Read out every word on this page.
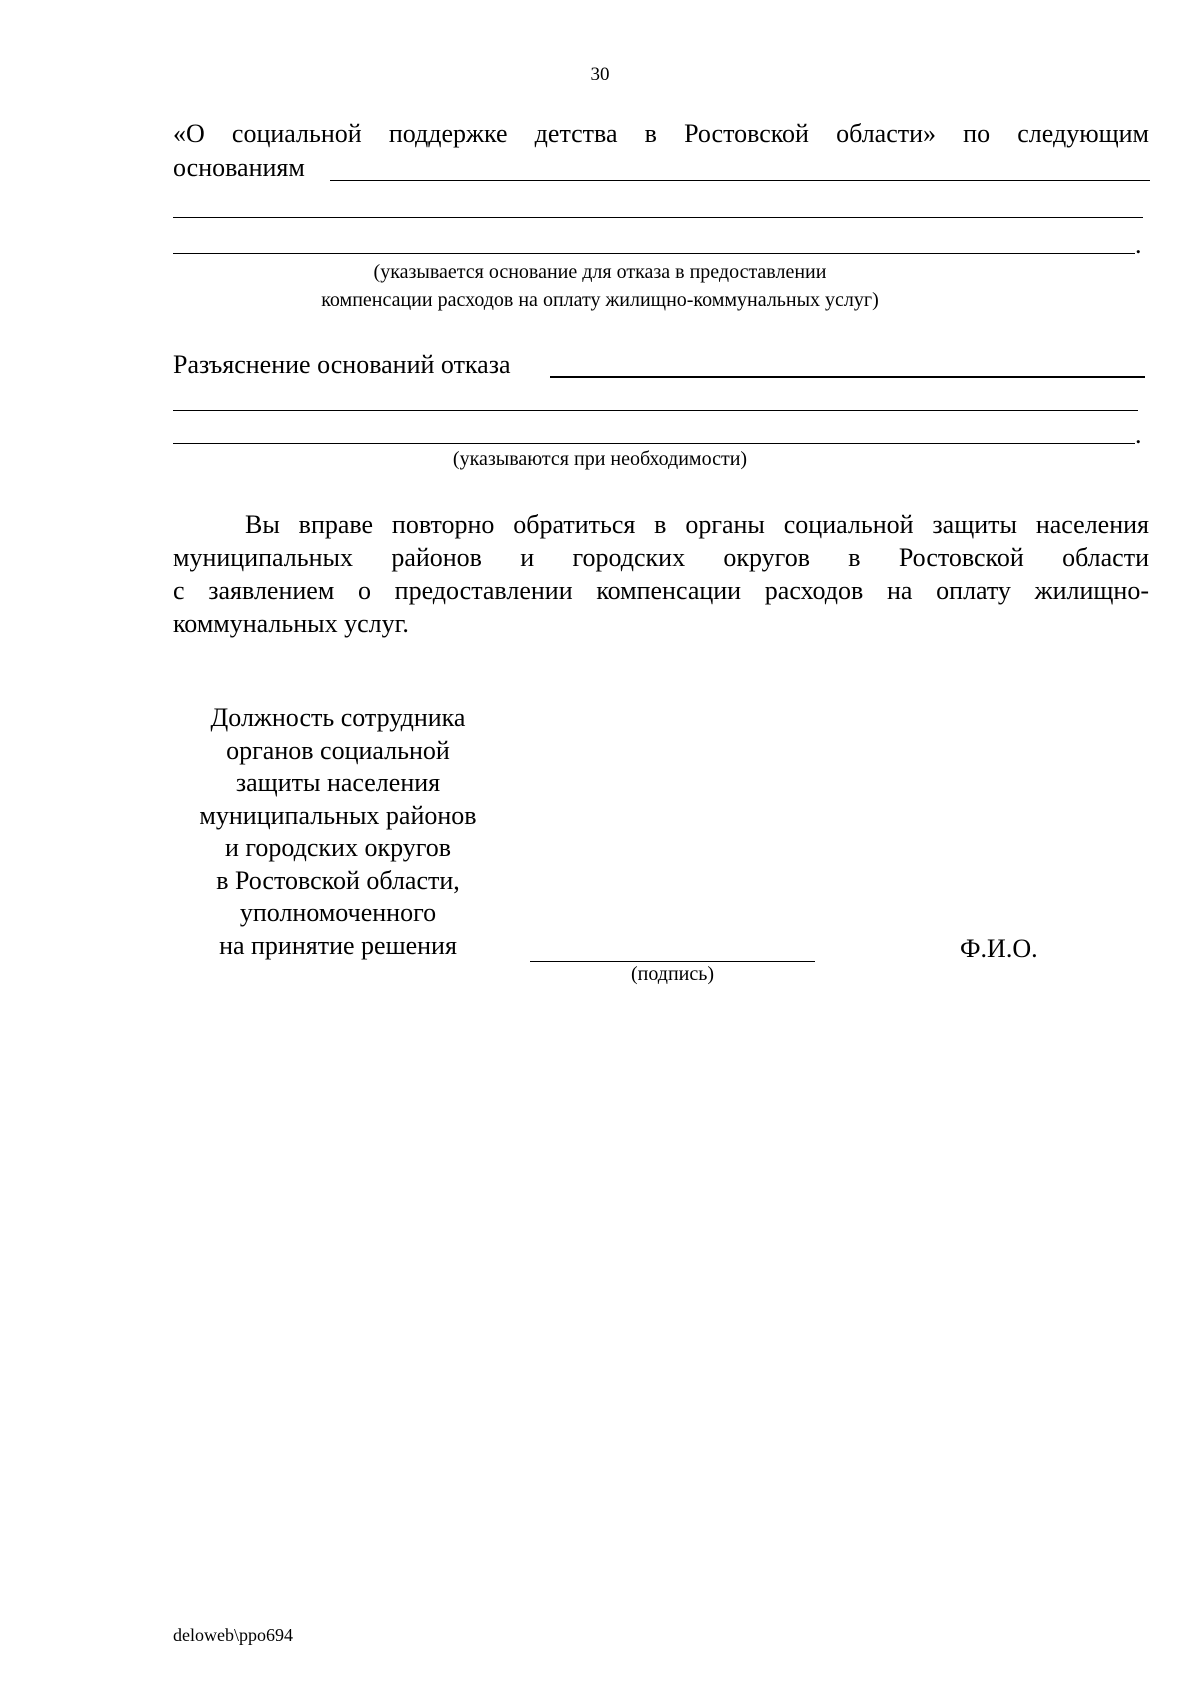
30
«О социальной поддержке детства в Ростовской области» по следующим
основаниям
.
(указывается основание для отказа в предоставлении
компенсации расходов на оплату жилищно-коммунальных услуг)
Разъяснение оснований отказа
.
(указываются при необходимости)
Вы вправе повторно обратиться в органы социальной защиты населения
муниципальных районов и городских округов в Ростовской области
с заявлением о предоставлении компенсации расходов на оплату жилищно-
коммунальных услуг.
Должность сотрудника
органов социальной
защиты населения
муниципальных районов
и городских округов
в Ростовской области,
уполномоченного
на принятие решения
(подпись)
Ф.И.О.
deloweb\ppo694
